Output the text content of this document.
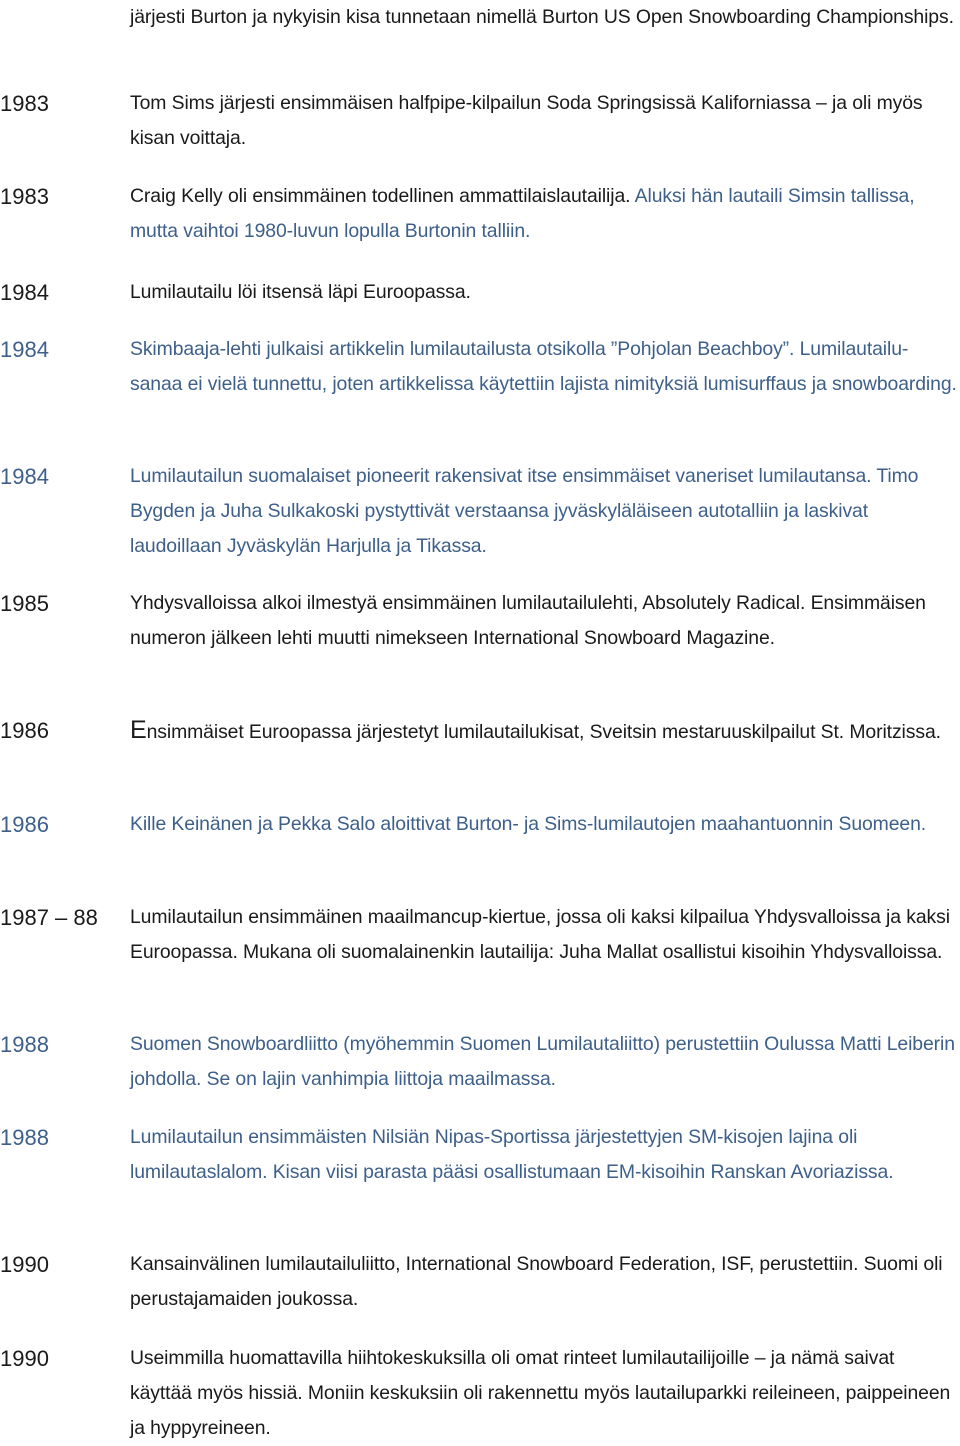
järjesti Burton ja nykyisin kisa tunnetaan nimellä Burton US Open Snowboarding Championships.
1983	Tom Sims järjesti ensimmäisen halfpipe-kilpailun Soda Springsissä Kaliforniassa – ja oli myös kisan voittaja.
1983	Craig Kelly oli ensimmäinen todellinen ammattilaislautailija. Aluksi hän lautaili Simsin tallissa, mutta vaihtoi 1980-luvun lopulla Burtonin talliin.
1984	Lumilautailu löi itsensä läpi Euroopassa.
1984	Skimbaaja-lehti julkaisi artikkelin lumilautailusta otsikolla ”Pohjolan Beachboy”. Lumilautailu-sanaa ei vielä tunnettu, joten artikkelissa käytettiin lajista nimityksiä lumisurffaus ja snowboarding.
1984	Lumilautailun suomalaiset pioneerit rakensivat itse ensimmäiset vaneriset lumilautansa. Timo Bygden ja Juha Sulkakoski pystyttivät verstaansa jyväskyläläiseen autotalliin ja laskivat laudoillaan Jyväskylän Harjulla ja Tikassa.
1985	Yhdysvalloissa alkoi ilmestyä ensimmäinen lumilautailulehti, Absolutely Radical. Ensimmäisen numeron jälkeen lehti muutti nimekseen International Snowboard Magazine.
1986	Ensimmäiset Euroopassa järjestetyt lumilautailukisat, Sveitsin mestaruuskilpailut St. Moritzissa.
1986	Kille Keinänen ja Pekka Salo aloittivat Burton- ja Sims-lumilautojen maahantuonnin Suomeen.
1987 – 88 Lumilautailun ensimmäinen maailmancup-kiertue, jossa oli kaksi kilpailua Yhdysvalloissa ja kaksi Euroopassa. Mukana oli suomalainenkin lautailija: Juha Mallat osallistui kisoihin Yhdysvalloissa.
1988	Suomen Snowboardliitto (myöhemmin Suomen Lumilautaliitto) perustettiin Oulussa Matti Leiberin johdolla. Se on lajin vanhimpia liittoja maailmassa.
1988	Lumilautailun ensimmäisten Nilsiän Nipas-Sportissa järjestettyjen SM-kisojen lajina oli lumilautaslalom. Kisan viisi parasta pääsi osallistumaan EM-kisoihin Ranskan Avoriazissa.
1990	Kansainvälinen lumilautailuliitto, International Snowboard Federation, ISF, perustettiin. Suomi oli perustajamaiden joukossa.
1990	Useimmilla huomattavilla hiihtokeskuksilla oli omat rinteet lumilautailijoille – ja nämä saivat käyttää myös hissiä. Moniin keskuksiin oli rakennettu myös lautailuparkki reileineen, paippeineen ja hyppyreineen.
